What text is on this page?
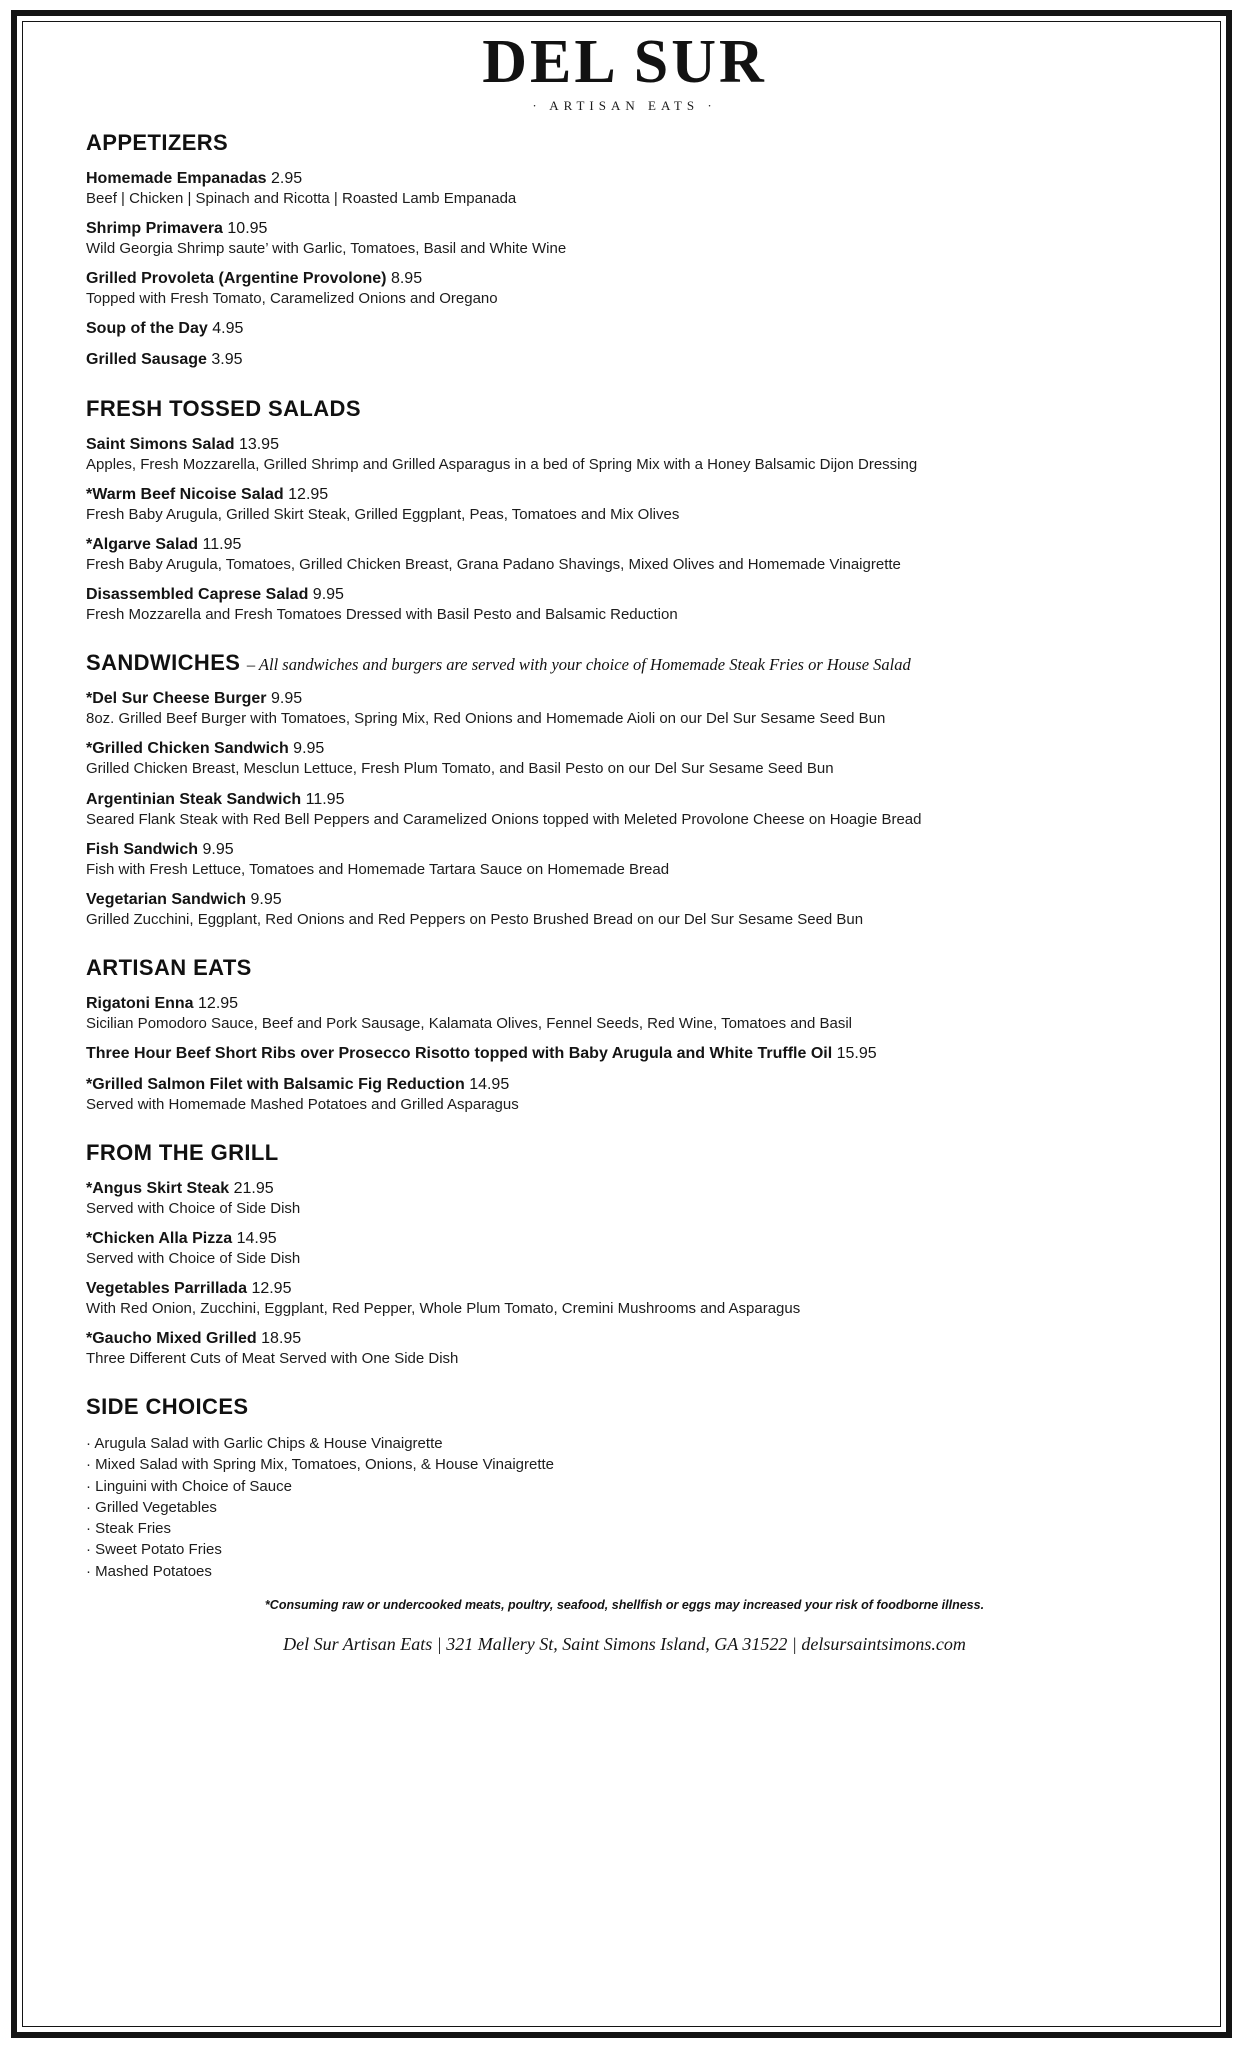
DEL SUR
· ARTISAN EATS ·
APPETIZERS
Homemade Empanadas 2.95
Beef | Chicken | Spinach and Ricotta | Roasted Lamb Empanada
Shrimp Primavera 10.95
Wild Georgia Shrimp saute’ with Garlic, Tomatoes, Basil and White Wine
Grilled Provoleta (Argentine Provolone) 8.95
Topped with Fresh Tomato, Caramelized Onions and Oregano
Soup of the Day 4.95
Grilled Sausage 3.95
FRESH TOSSED SALADS
Saint Simons Salad 13.95
Apples, Fresh Mozzarella, Grilled Shrimp and Grilled Asparagus in a bed of Spring Mix with a Honey Balsamic Dijon Dressing
*Warm Beef Nicoise Salad 12.95
Fresh Baby Arugula, Grilled Skirt Steak, Grilled Eggplant, Peas, Tomatoes and Mix Olives
*Algarve Salad 11.95
Fresh Baby Arugula, Tomatoes, Grilled Chicken Breast, Grana Padano Shavings, Mixed Olives and Homemade Vinaigrette
Disassembled Caprese Salad 9.95
Fresh Mozzarella and Fresh Tomatoes Dressed with Basil Pesto and Balsamic Reduction
SANDWICHES – All sandwiches and burgers are served with your choice of Homemade Steak Fries or House Salad
*Del Sur Cheese Burger 9.95
8oz. Grilled Beef Burger with Tomatoes, Spring Mix, Red Onions and Homemade Aioli on our Del Sur Sesame Seed Bun
*Grilled Chicken Sandwich 9.95
Grilled Chicken Breast, Mesclun Lettuce, Fresh Plum Tomato, and Basil Pesto on our Del Sur Sesame Seed Bun
Argentinian Steak Sandwich 11.95
Seared Flank Steak with Red Bell Peppers and Caramelized Onions topped with Meleted Provolone Cheese on Hoagie Bread
Fish Sandwich 9.95
Fish with Fresh Lettuce, Tomatoes and Homemade Tartara Sauce on Homemade Bread
Vegetarian Sandwich 9.95
Grilled Zucchini, Eggplant, Red Onions and Red Peppers on Pesto Brushed Bread on our Del Sur Sesame Seed Bun
ARTISAN EATS
Rigatoni Enna 12.95
Sicilian Pomodoro Sauce, Beef and Pork Sausage, Kalamata Olives, Fennel Seeds, Red Wine, Tomatoes and Basil
Three Hour Beef Short Ribs over Prosecco Risotto topped with Baby Arugula and White Truffle Oil 15.95
*Grilled Salmon Filet with Balsamic Fig Reduction 14.95
Served with Homemade Mashed Potatoes and Grilled Asparagus
FROM THE GRILL
*Angus Skirt Steak 21.95
Served with Choice of Side Dish
*Chicken Alla Pizza 14.95
Served with Choice of Side Dish
Vegetables Parrillada 12.95
With Red Onion, Zucchini, Eggplant, Red Pepper, Whole Plum Tomato, Cremini Mushrooms and Asparagus
*Gaucho Mixed Grilled 18.95
Three Different Cuts of Meat Served with One Side Dish
SIDE CHOICES
· Arugula Salad with Garlic Chips & House Vinaigrette
· Mixed Salad with Spring Mix, Tomatoes, Onions, & House Vinaigrette
· Linguini with Choice of Sauce
· Grilled Vegetables
· Steak Fries
· Sweet Potato Fries
· Mashed Potatoes
*Consuming raw or undercooked meats, poultry, seafood, shellfish or eggs may increased your risk of foodborne illness.
Del Sur Artisan Eats | 321 Mallery St, Saint Simons Island, GA 31522 | delsursaintsimons.com
